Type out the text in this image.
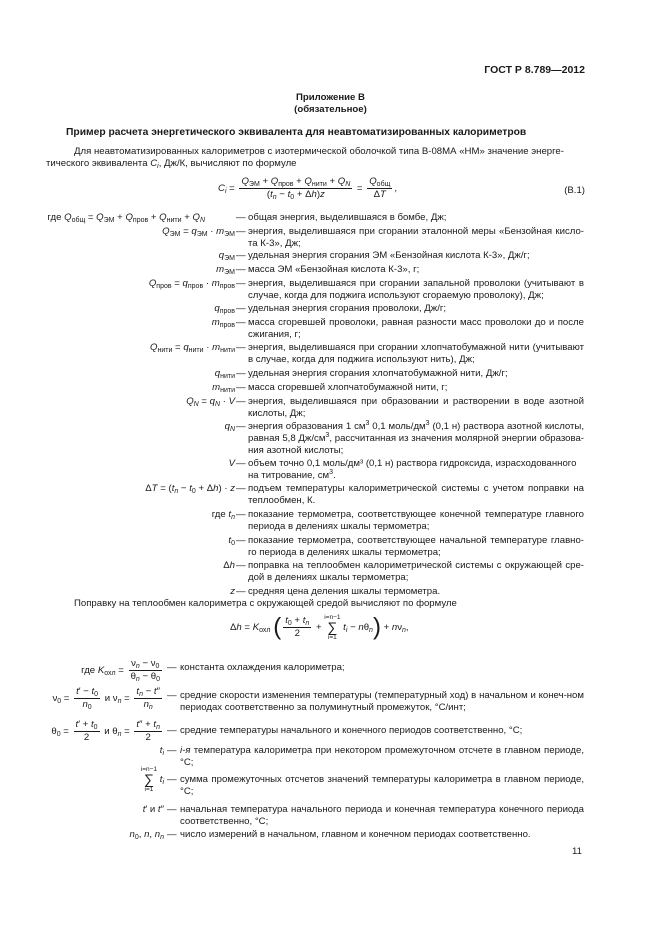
ГОСТ Р 8.789—2012
Приложение В
(обязательное)
Пример расчета энергетического эквивалента для неавтоматизированных калориметров
Для неавтоматизированных калориметров с изотермической оболочкой типа В-08МА «НМ» значение энерге-
тического эквивалента $C_i$, Дж/К, вычисляют по формуле
$C_i = \frac{Q_{ЭМ} + Q_{пров} + Q_{нити} + Q_N}{(t_n - t_0 + \Delta h)z} = \frac{Q_{общ}}{\Delta T}$ ,	(В.1)
где $Q_{общ} = Q_{ЭМ} + Q_{пров} + Q_{нити} + Q_N$	— общая энергия, выделившаяся в бомбе, Дж;
$Q_{ЭМ} = q_{ЭМ} \cdot m_{ЭМ}$ — энергия, выделившаяся при сгорании эталонной меры «Бензойная кисло-та К-3», Дж;
$q_{ЭМ}$ — удельная энергия сгорания ЭМ «Бензойная кислота К-3», Дж/г;
$m_{ЭМ}$ — масса ЭМ «Бензойная кислота К-3», г;
$Q_{пров} = q_{пров} \cdot m_{пров}$ — энергия, выделившаяся при сгорании запальной проволоки (учитывают в случае, когда для поджига используют сгораемую проволоку), Дж;
$q_{пров}$ — удельная энергия сгорания проволоки, Дж/г;
$m_{пров}$ — масса сгоревшей проволоки, равная разности масс проволоки до и после сжигания, г;
$Q_{нити} = q_{нити} \cdot m_{нити}$ — энергия, выделившаяся при сгорании хлопчатобумажной нити (учитывают в случае, когда для поджига используют нить), Дж;
$q_{нити}$ — удельная энергия сгорания хлопчатобумажной нити, Дж/г;
$m_{нити}$ — масса сгоревшей хлопчатобумажной нити, г;
$Q_N = q_N \cdot V$ — энергия, выделившаяся при образовании и растворении в воде азотной кислоты, Дж;
$q_N$ — энергия образования 1 $см^3$ 0,1 моль/$дм^3$ (0,1 н) раствора азотной кислоты, равная 5,8 $Дж/см^3$, рассчитанная из значения молярной энергии образова-ния азотной кислоты;
V — объем точно 0,1 моль/дм³ (0,1 н) раствора гидроксида, израсходованного
на титрование, $см^3$.
$\Delta T = (t_n - t_0 + \Delta h) \cdot z$ — подъем температуры калориметрической системы с учетом поправки на теплообмен, К.
где $t_n$ — показание термометра, соответствующее конечной температуре главного периода в делениях шкалы термометра;
$t_0$ — показание термометра, соответствующее начальной температуре главно-го периода в делениях шкалы термометра;
Δh — поправка на теплообмен калориметрической системы с окружающей сре-дой в делениях шкалы термометра;
z — средняя цена деления шкалы термометра.
Поправку на теплообмен калориметра с окружающей средой вычисляют по формуле
$\Delta h = K_{охл}$ ( $\frac{t_0 + t_n}{2}$ +
i=n−1
∑
i=1
$t_i - n\theta_n) + n\nu_n$,
где $K_{охл} = \frac{\nu_n - \nu_0}{\theta_n - \theta_0}$ — константа охлаждения калориметра;
$\nu_0 = \frac{t' - t_0}{n_0}$ и $\nu_n = \frac{t_n - t''}{n_n}$ — средние скорости изменения температуры (температурный ход) в начальном и конеч-ном периодах соответственно за полуминутный промежуток, °С/инт;
$\theta_0 = \frac{t' + t_0}{2}$ и $\theta_n = \frac{t'' + t_n}{2}$ — средние температуры начального и конечного периодов соответственно, °С;
$t_i$ — i-я температура калориметра при некотором промежуточном отсчете в главном периоде, °С;
i=n−1
∑
i=1
$t_i$ — сумма промежуточных отсчетов значений температуры калориметра в главном периоде, °С;
t′ и t″ — начальная температура начального периода и конечная температура конечного периода соответственно, °С;
$n_0$, n, $n_n$ — число измерений в начальном, главном и конечном периодах соответственно.
11
